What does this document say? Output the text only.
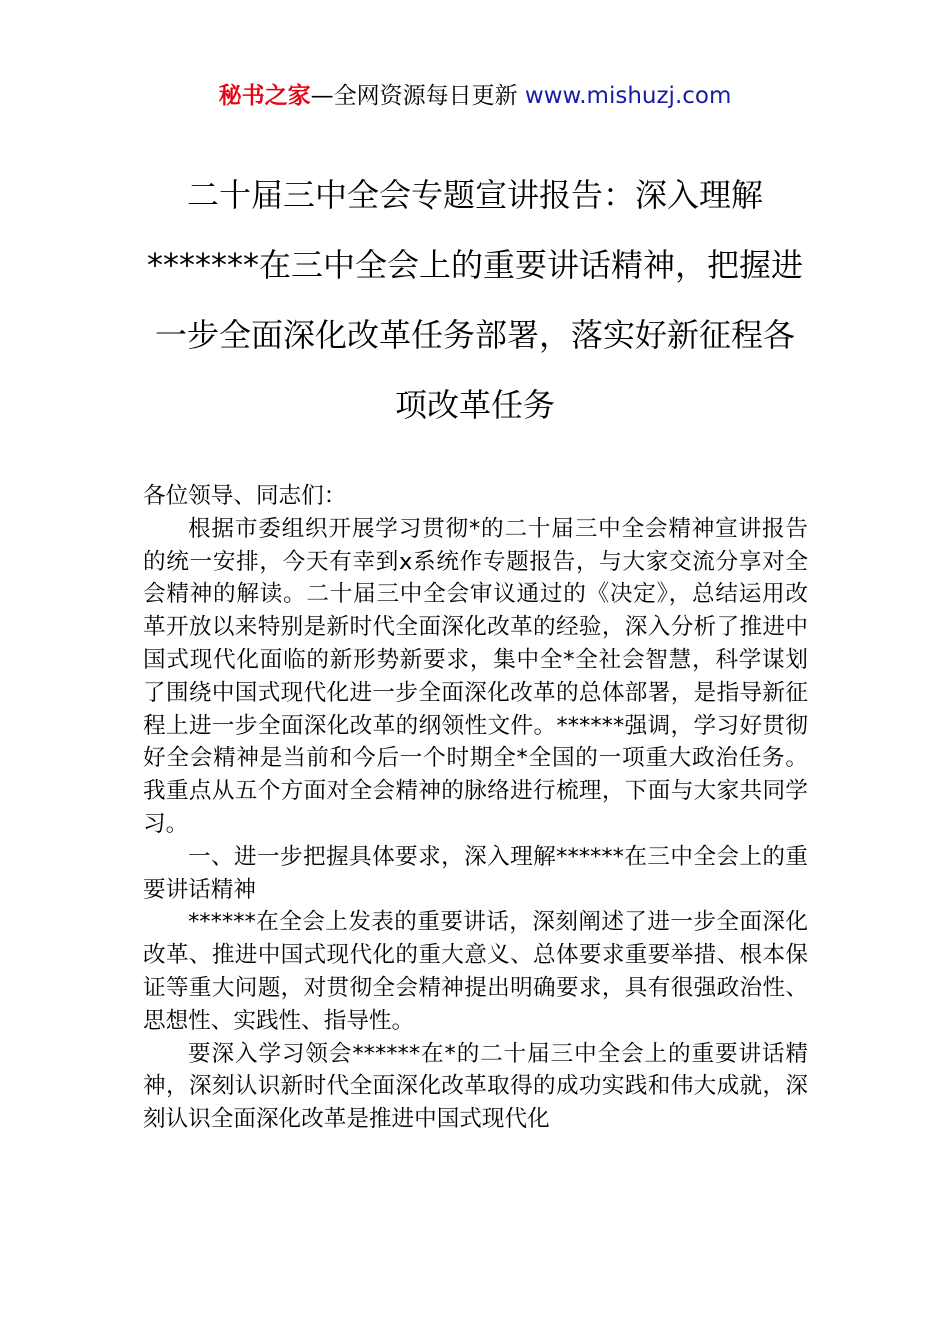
秘书之家—全网资源每日更新 www.mishuzj.com
二十届三中全会专题宣讲报告：深入理解*******在三中全会上的重要讲话精神，把握进一步全面深化改革任务部署，落实好新征程各项改革任务

各位领导、同志们：

根据市委组织开展学习贯彻*的二十届三中全会精神宣讲报告的统一安排，今天有幸到x系统作专题报告，与大家交流分享对全会精神的解读。二十届三中全会审议通过的《决定》，总结运用改革开放以来特别是新时代全面深化改革的经验，深入分析了推进中国式现代化面临的新形势新要求，集中全*全社会智慧，科学谋划了围绕中国式现代化进一步全面深化改革的总体部署，是指导新征程上进一步全面深化改革的纲领性文件。******强调，学习好贯彻好全会精神是当前和今后一个时期全*全国的一项重大政治任务。我重点从五个方面对全会精神的脉络进行梳理，下面与大家共同学习。

一、进一步把握具体要求，深入理解******在三中全会上的重要讲话精神

******在全会上发表的重要讲话，深刻阐述了进一步全面深化改革、推进中国式现代化的重大意义、总体要求重要举措、根本保证等重大问题，对贯彻全会精神提出明确要求，具有很强政治性、思想性、实践性、指导性。

要深入学习领会******在*的二十届三中全会上的重要讲话精神，深刻认识新时代全面深化改革取得的成功实践和伟大成就，深刻认识全面深化改革是推进中国式现代化
